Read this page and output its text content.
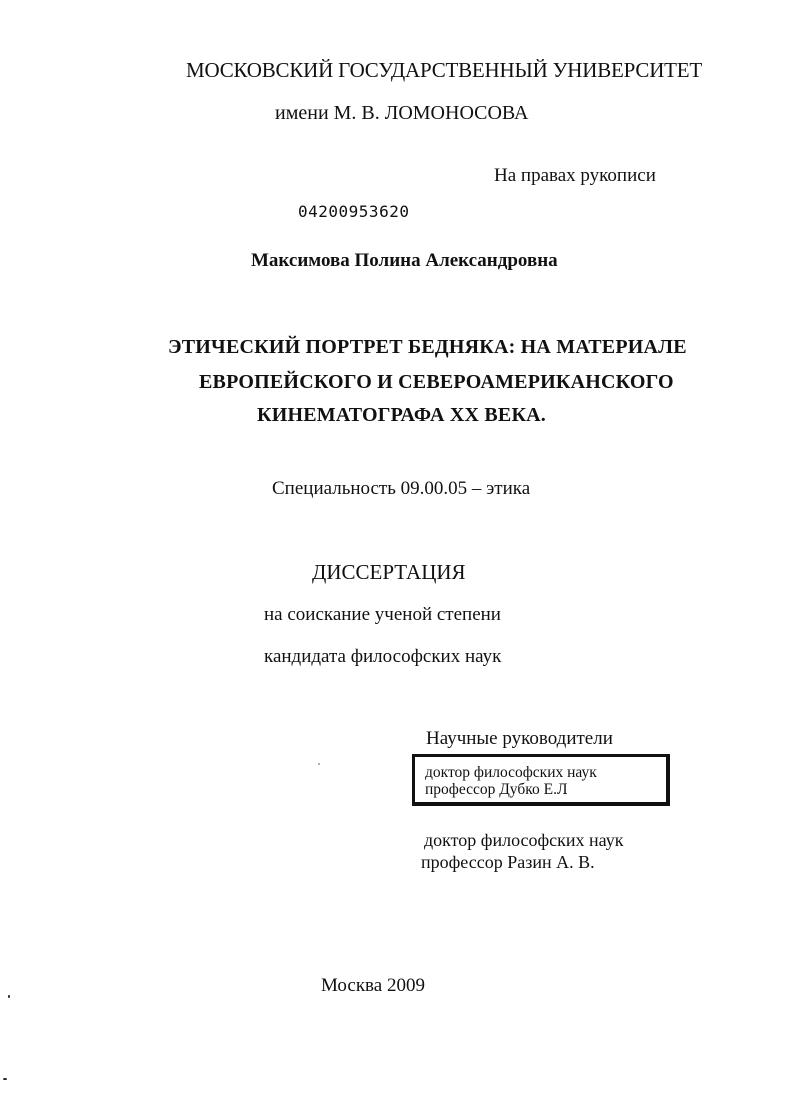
МОСКОВСКИЙ ГОСУДАРСТВЕННЫЙ УНИВЕРСИТЕТ
имени М. В. ЛОМОНОСОВА
На правах рукописи
04200953620
Максимова Полина Александровна
ЭТИЧЕСКИЙ ПОРТРЕТ БЕДНЯКА: НА МАТЕРИАЛЕ
ЕВРОПЕЙСКОГО И СЕВЕРОАМЕРИКАНСКОГО
КИНЕМАТОГРАФА XX ВЕКА.
Специальность 09.00.05 – этика
ДИССЕРТАЦИЯ
на соискание ученой степени
кандидата философских наук
Научные руководители
доктор философских наук
профессор Дубко Е.Л
доктор философских наук
профессор Разин А. В.
Москва 2009
